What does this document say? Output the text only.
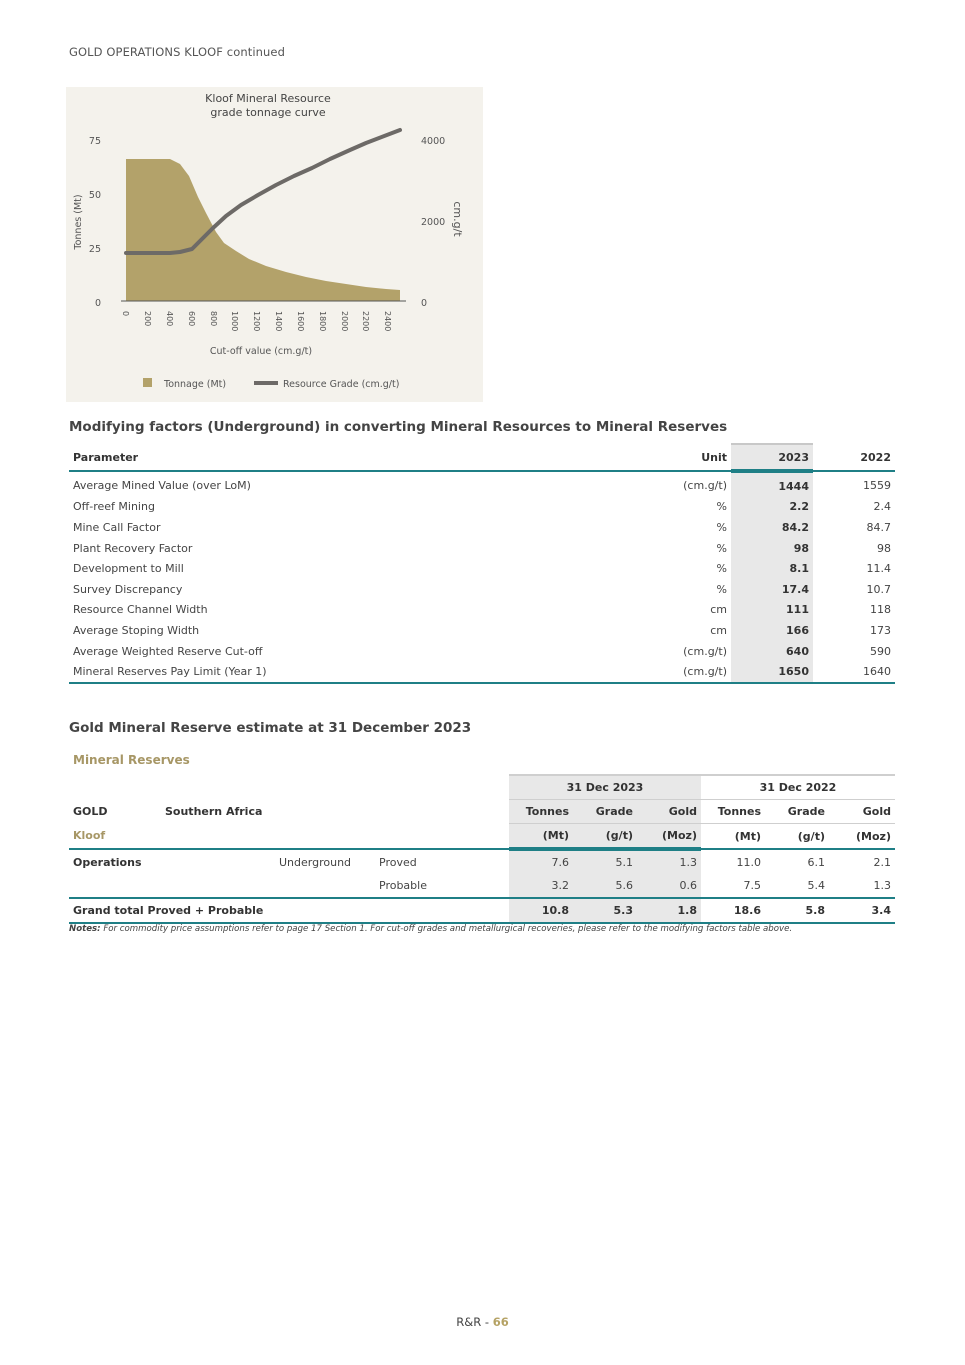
GOLD OPERATIONS KLOOF continued
Kloof Mineral Resource
grade tonnage curve
75
50
25
0
4000
2000
0
Tonnes (Mt)	cm.g/t
0 200 400 600 800 1000 1200 1400 1600 1800 2000 2200 2400
Cut-off value (cm.g/t)
Tonnage (Mt)	Resource Grade (cm.g/t)
Modifying factors (Underground) in converting Mineral Resources to Mineral Reserves
Parameter	Unit	2023	2022
Average Mined Value (over LoM)	(cm.g/t)	1444	1559
Off-reef Mining	%	2.2	2.4
Mine Call Factor	%	84.2	84.7
Plant Recovery Factor	%	98	98
Development to Mill	%	8.1	11.4
Survey Discrepancy	%	17.4	10.7
Resource Channel Width	cm	111	118
Average Stoping Width	cm	166	173
Average Weighted Reserve Cut-off	(cm.g/t)	640	590
Mineral Reserves Pay Limit (Year 1)	(cm.g/t)	1650	1640
Gold Mineral Reserve estimate at 31 December 2023
Mineral Reserves
				31 Dec 2023			31 Dec 2022		
GOLD	Southern Africa			Tonnes	Grade	Gold	Tonnes	Grade	Gold
Kloof				(Mt)	(g/t)	(Moz)	(Mt)	(g/t)	(Moz)
Operations		Underground	Proved	7.6	5.1	1.3	11.0	6.1	2.1
			Probable	3.2	5.6	0.6	7.5	5.4	1.3
Grand total Proved + Probable				10.8	5.3	1.8	18.6	5.8	3.4
Notes: For commodity price assumptions refer to page 17 Section 1. For cut-off grades and metallurgical recoveries, please refer to the modifying factors table above.
R&R - 66
